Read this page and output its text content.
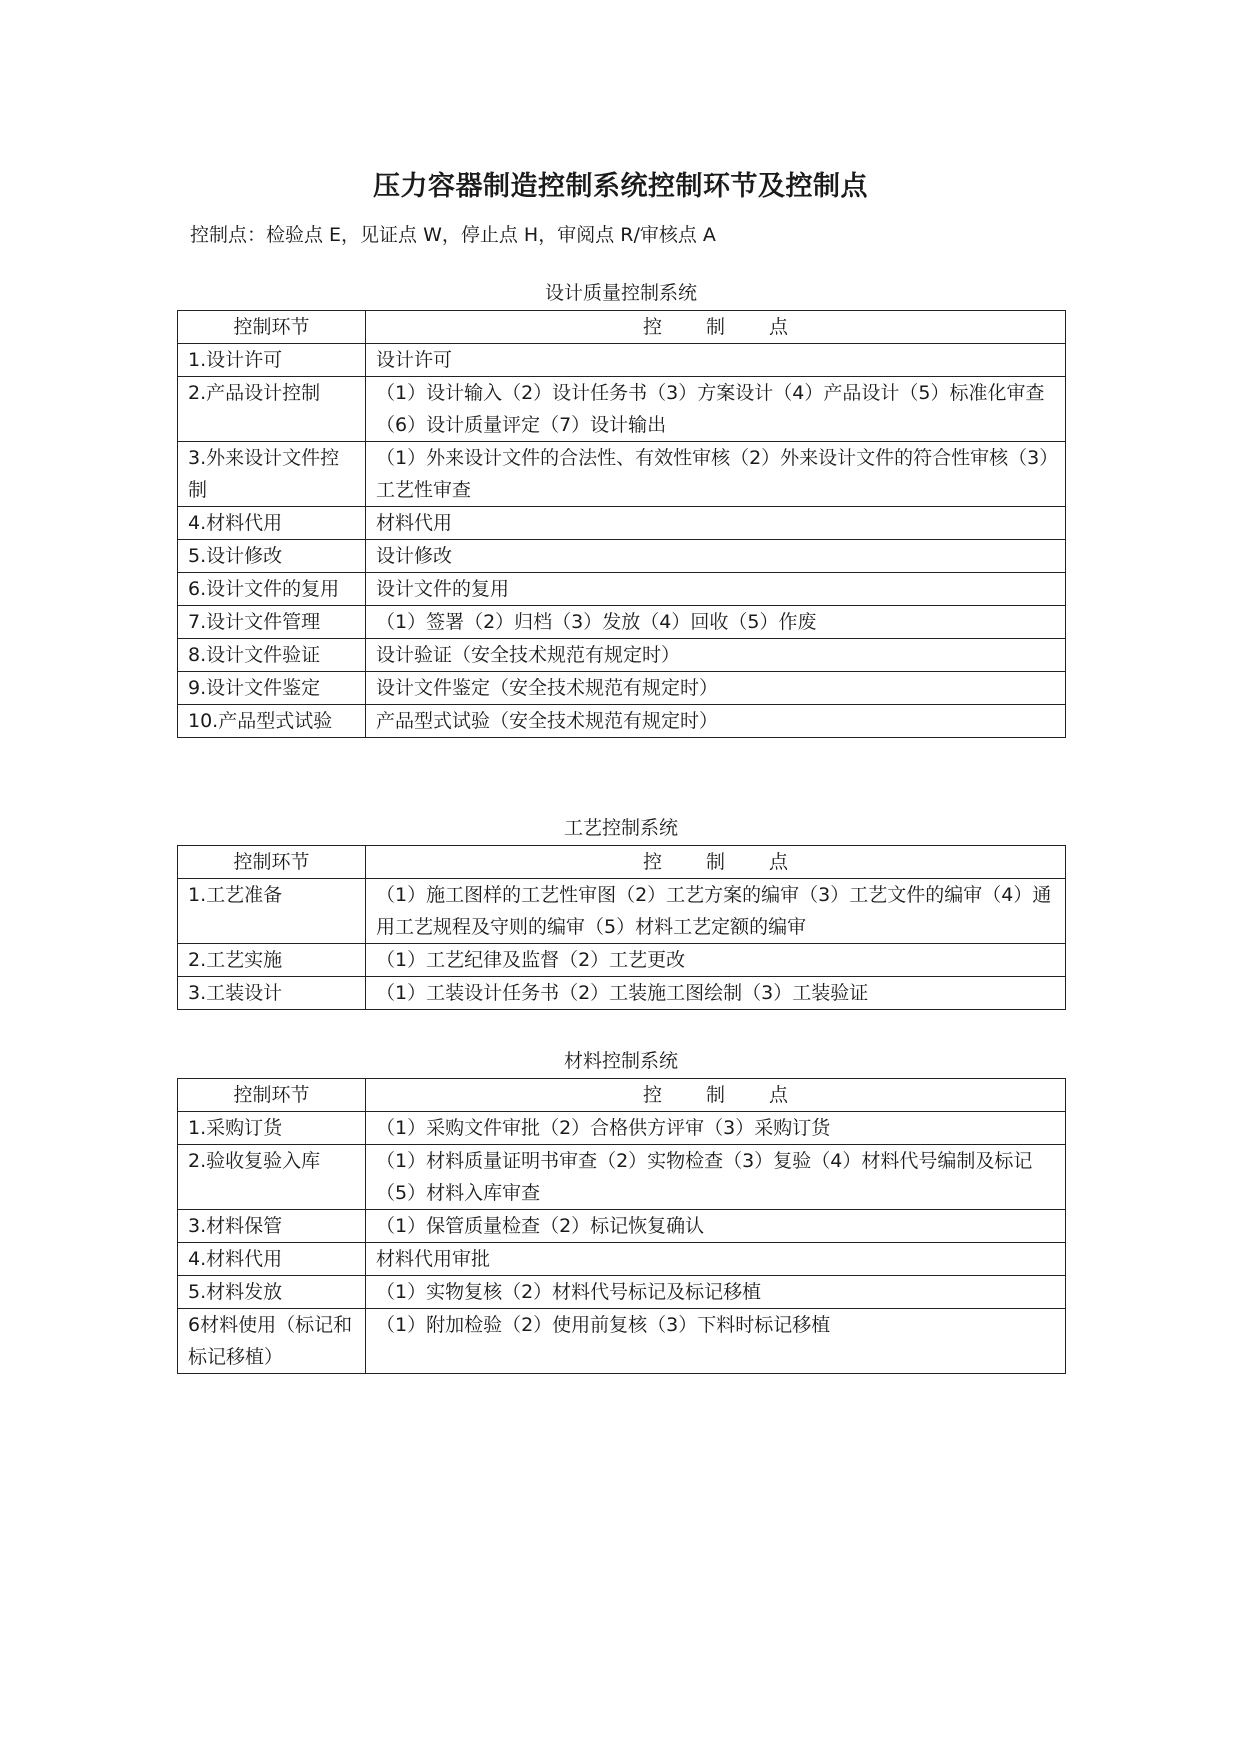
压力容器制造控制系统控制环节及控制点
控制点：检验点 E，见证点 W，停止点 H，审阅点 R/审核点 A
设计质量控制系统
控制环节	控制点
1.设计许可	设计许可
2.产品设计控制	（1）设计输入（2）设计任务书（3）方案设计（4）产品设计（5）标准化审查（6）设计质量评定（7）设计输出
3.外来设计文件控制	（1）外来设计文件的合法性、有效性审核（2）外来设计文件的符合性审核（3）工艺性审查
4.材料代用	材料代用
5.设计修改	设计修改
6.设计文件的复用	设计文件的复用
7.设计文件管理	（1）签署（2）归档（3）发放（4）回收（5）作废
8.设计文件验证	设计验证（安全技术规范有规定时）
9.设计文件鉴定	设计文件鉴定（安全技术规范有规定时）
10.产品型式试验	产品型式试验（安全技术规范有规定时）
工艺控制系统
控制环节	控制点
1.工艺准备	（1）施工图样的工艺性审图（2）工艺方案的编审（3）工艺文件的编审（4）通用工艺规程及守则的编审（5）材料工艺定额的编审
2.工艺实施	（1）工艺纪律及监督（2）工艺更改
3.工装设计	（1）工装设计任务书（2）工装施工图绘制（3）工装验证
材料控制系统
控制环节	控制点
1.采购订货	（1）采购文件审批（2）合格供方评审（3）采购订货
2.验收复验入库	（1）材料质量证明书审查（2）实物检查（3）复验（4）材料代号编制及标记（5）材料入库审查
3.材料保管	（1）保管质量检查（2）标记恢复确认
4.材料代用	材料代用审批
5.材料发放	（1）实物复核（2）材料代号标记及标记移植
6材料使用（标记和标记移植）	（1）附加检验（2）使用前复核（3）下料时标记移植
